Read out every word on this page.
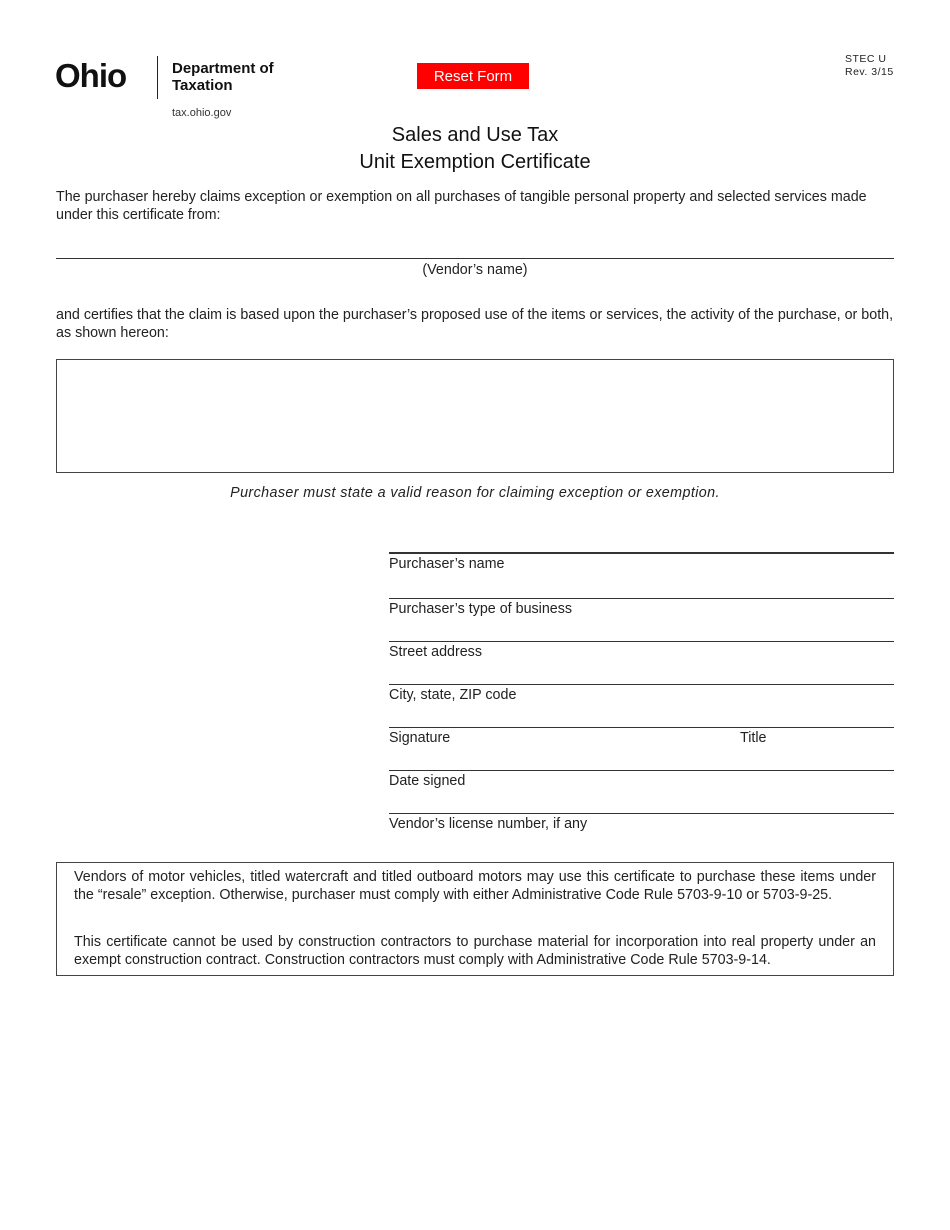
Ohio	Department of
Taxation
tax.ohio.gov
Reset Form
STEC U
Rev. 3/15
Sales and Use Tax
Unit Exemption Certificate
The purchaser hereby claims exception or exemption on all purchases of tangible personal property and selected services made under this certificate from:
(Vendor’s name)
and certifies that the claim is based upon the purchaser’s proposed use of the items or services, the activity of the purchase, or both, as shown hereon:
Purchaser must state a valid reason for claiming exception or exemption.
Purchaser’s name
Purchaser’s type of business
Street address
City, state, ZIP code
Signature	Title
Date signed
Vendor’s license number, if any

Vendors of motor vehicles, titled watercraft and titled outboard motors may use this certificate to purchase these items under the “resale” exception. Otherwise, purchaser must comply with either Administrative Code Rule 5703-9-10 or 5703-9-25.

This certificate cannot be used by construction contractors to purchase material for incorporation into real property under an exempt construction contract. Construction contractors must comply with Administrative Code Rule 5703-9-14.
